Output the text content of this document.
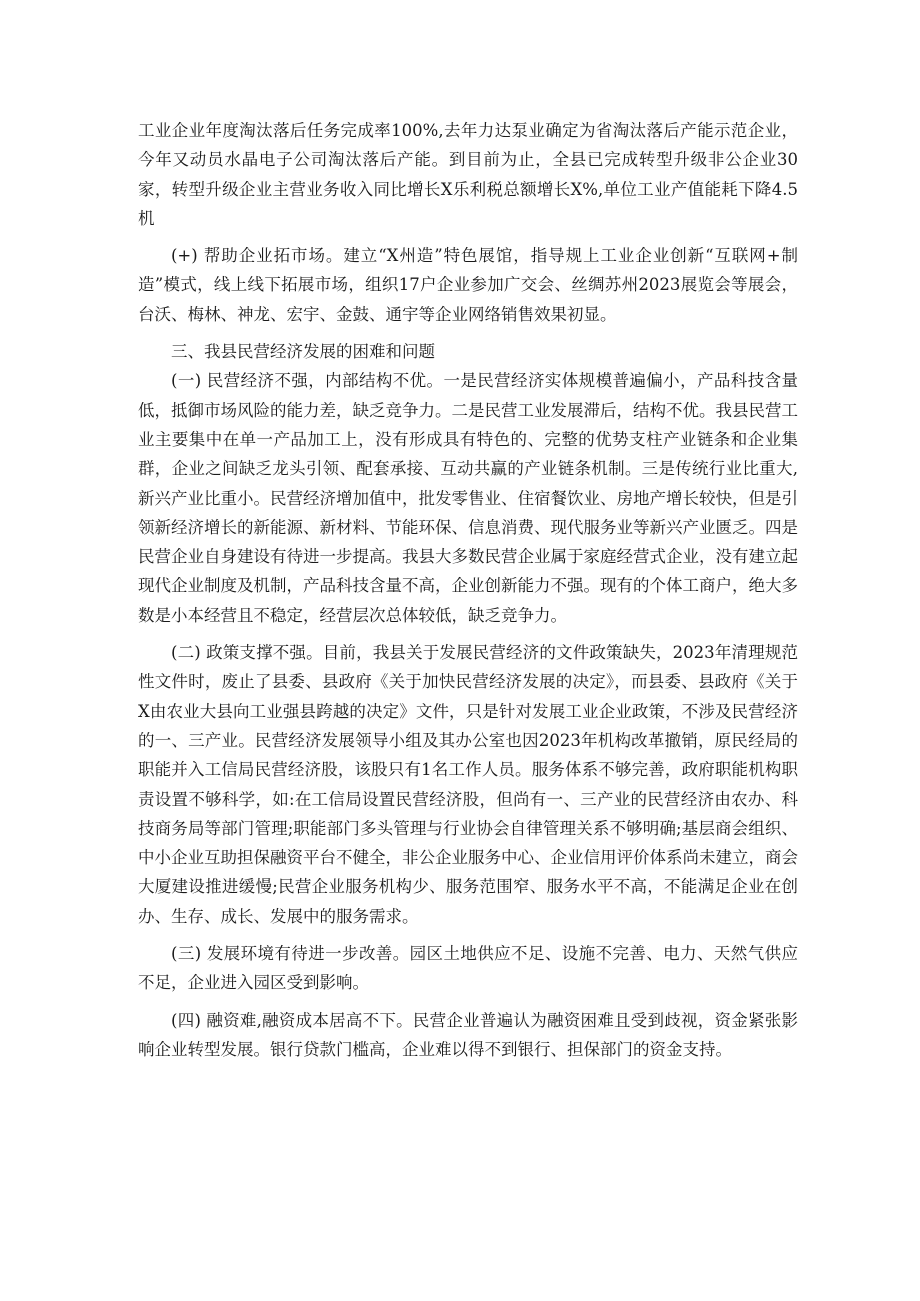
工业企业年度淘汰落后任务完成率100%,去年力达泵业确定为省淘汰落后产能示范企业，今年又动员水晶电子公司淘汰落后产能。到目前为止，全县已完成转型升级非公企业30家，转型升级企业主营业务收入同比增长X乐利税总额增长X%,单位工业产值能耗下降4.5机

(+) 帮助企业拓市场。建立“X州造”特色展馆，指导规上工业企业创新“互联网+制造”模式，线上线下拓展市场，组织17户企业参加广交会、丝绸苏州2023展览会等展会，台沃、梅林、神龙、宏宇、金鼓、通宇等企业网络销售效果初显。

三、我县民营经济发展的困难和问题

(一) 民营经济不强，内部结构不优。一是民营经济实体规模普遍偏小，产品科技含量低，抵御市场风险的能力差，缺乏竞争力。二是民营工业发展滞后，结构不优。我县民营工业主要集中在单一产品加工上，没有形成具有特色的、完整的优势支柱产业链条和企业集群，企业之间缺乏龙头引领、配套承接、互动共赢的产业链条机制。三是传统行业比重大,新兴产业比重小。民营经济增加值中，批发零售业、住宿餐饮业、房地产增长较快，但是引领新经济增长的新能源、新材料、节能环保、信息消费、现代服务业等新兴产业匮乏。四是民营企业自身建设有待进一步提高。我县大多数民营企业属于家庭经营式企业，没有建立起现代企业制度及机制，产品科技含量不高，企业创新能力不强。现有的个体工商户，绝大多数是小本经营且不稳定，经营层次总体较低，缺乏竞争力。

(二) 政策支撑不强。目前，我县关于发展民营经济的文件政策缺失，2023年清理规范性文件时，废止了县委、县政府《关于加快民营经济发展的决定》，而县委、县政府《关于X由农业大县向工业强县跨越的决定》文件，只是针对发展工业企业政策，不涉及民营经济的一、三产业。民营经济发展领导小组及其办公室也因2023年机构改革撤销，原民经局的职能并入工信局民营经济股，该股只有1名工作人员。服务体系不够完善，政府职能机构职责设置不够科学，如:在工信局设置民营经济股，但尚有一、三产业的民营经济由农办、科技商务局等部门管理;职能部门多头管理与行业协会自律管理关系不够明确;基层商会组织、中小企业互助担保融资平台不健全，非公企业服务中心、企业信用评价体系尚未建立，商会大厦建设推进缓慢;民营企业服务机构少、服务范围窄、服务水平不高，不能满足企业在创办、生存、成长、发展中的服务需求。

(三) 发展环境有待进一步改善。园区土地供应不足、设施不完善、电力、天然气供应不足，企业进入园区受到影响。

(四) 融资难,融资成本居高不下。民营企业普遍认为融资困难且受到歧视，资金紧张影响企业转型发展。银行贷款门槛高，企业难以得不到银行、担保部门的资金支持。
